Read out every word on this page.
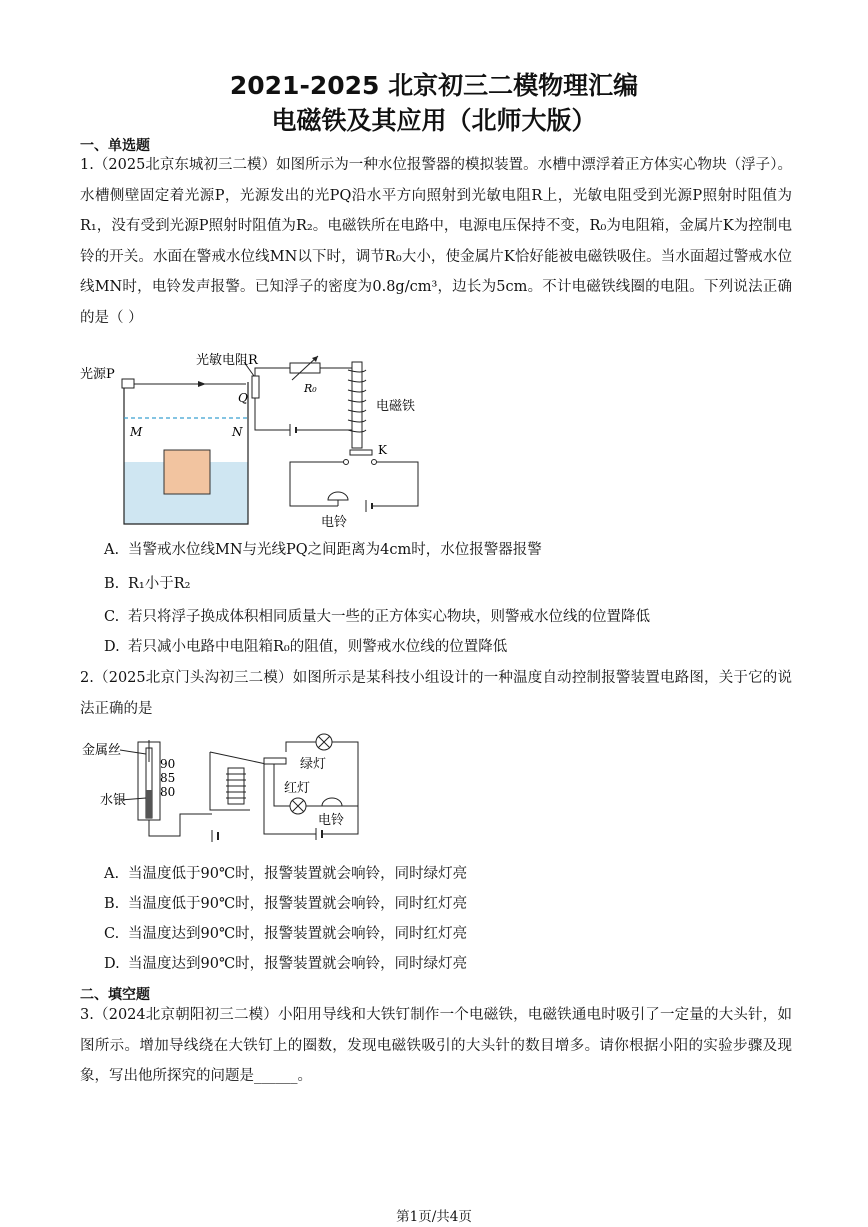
2021-2025 北京初三二模物理汇编
电磁铁及其应用（北师大版）
一、单选题
1.（2025北京东城初三二模）如图所示为一种水位报警器的模拟装置。水槽中漂浮着正方体实心物块（浮子）。水槽侧壁固定着光源P，光源发出的光PQ沿水平方向照射到光敏电阻R上，光敏电阻受到光源P照射时阻值为R₁，没有受到光源P照射时阻值为R₂。电磁铁所在电路中，电源电压保持不变，R₀为电阻箱，金属片K为控制电铃的开关。水面在警戒水位线MN以下时，调节R₀大小，使金属片K恰好能被电磁铁吸住。当水面超过警戒水位线MN时，电铃发声报警。已知浮子的密度为0.8g/cm³，边长为5cm。不计电磁铁线圈的电阻。下列说法正确的是（ ）
光源P
光敏电阻R
Q
M	N
R₀
电磁铁
K
电铃
A. 当警戒水位线MN与光线PQ之间距离为4cm时，水位报警器报警
B. R₁小于R₂
C. 若只将浮子换成体积相同质量大一些的正方体实心物块，则警戒水位线的位置降低
D. 若只减小电路中电阻箱R₀的阻值，则警戒水位线的位置降低
2.（2025北京门头沟初三二模）如图所示是某科技小组设计的一种温度自动控制报警装置电路图，关于它的说法正确的是
金属丝
水银
90
85
80
绿灯
红灯
电铃
A. 当温度低于90℃时，报警装置就会响铃，同时绿灯亮
B. 当温度低于90℃时，报警装置就会响铃，同时红灯亮
C. 当温度达到90℃时，报警装置就会响铃，同时红灯亮
D. 当温度达到90℃时，报警装置就会响铃，同时绿灯亮
二、填空题
3.（2024北京朝阳初三二模）小阳用导线和大铁钉制作一个电磁铁，电磁铁通电时吸引了一定量的大头针，如图所示。增加导线绕在大铁钉上的圈数，发现电磁铁吸引的大头针的数目增多。请你根据小阳的实验步骤及现象，写出他所探究的问题是______。
第1页/共4页
